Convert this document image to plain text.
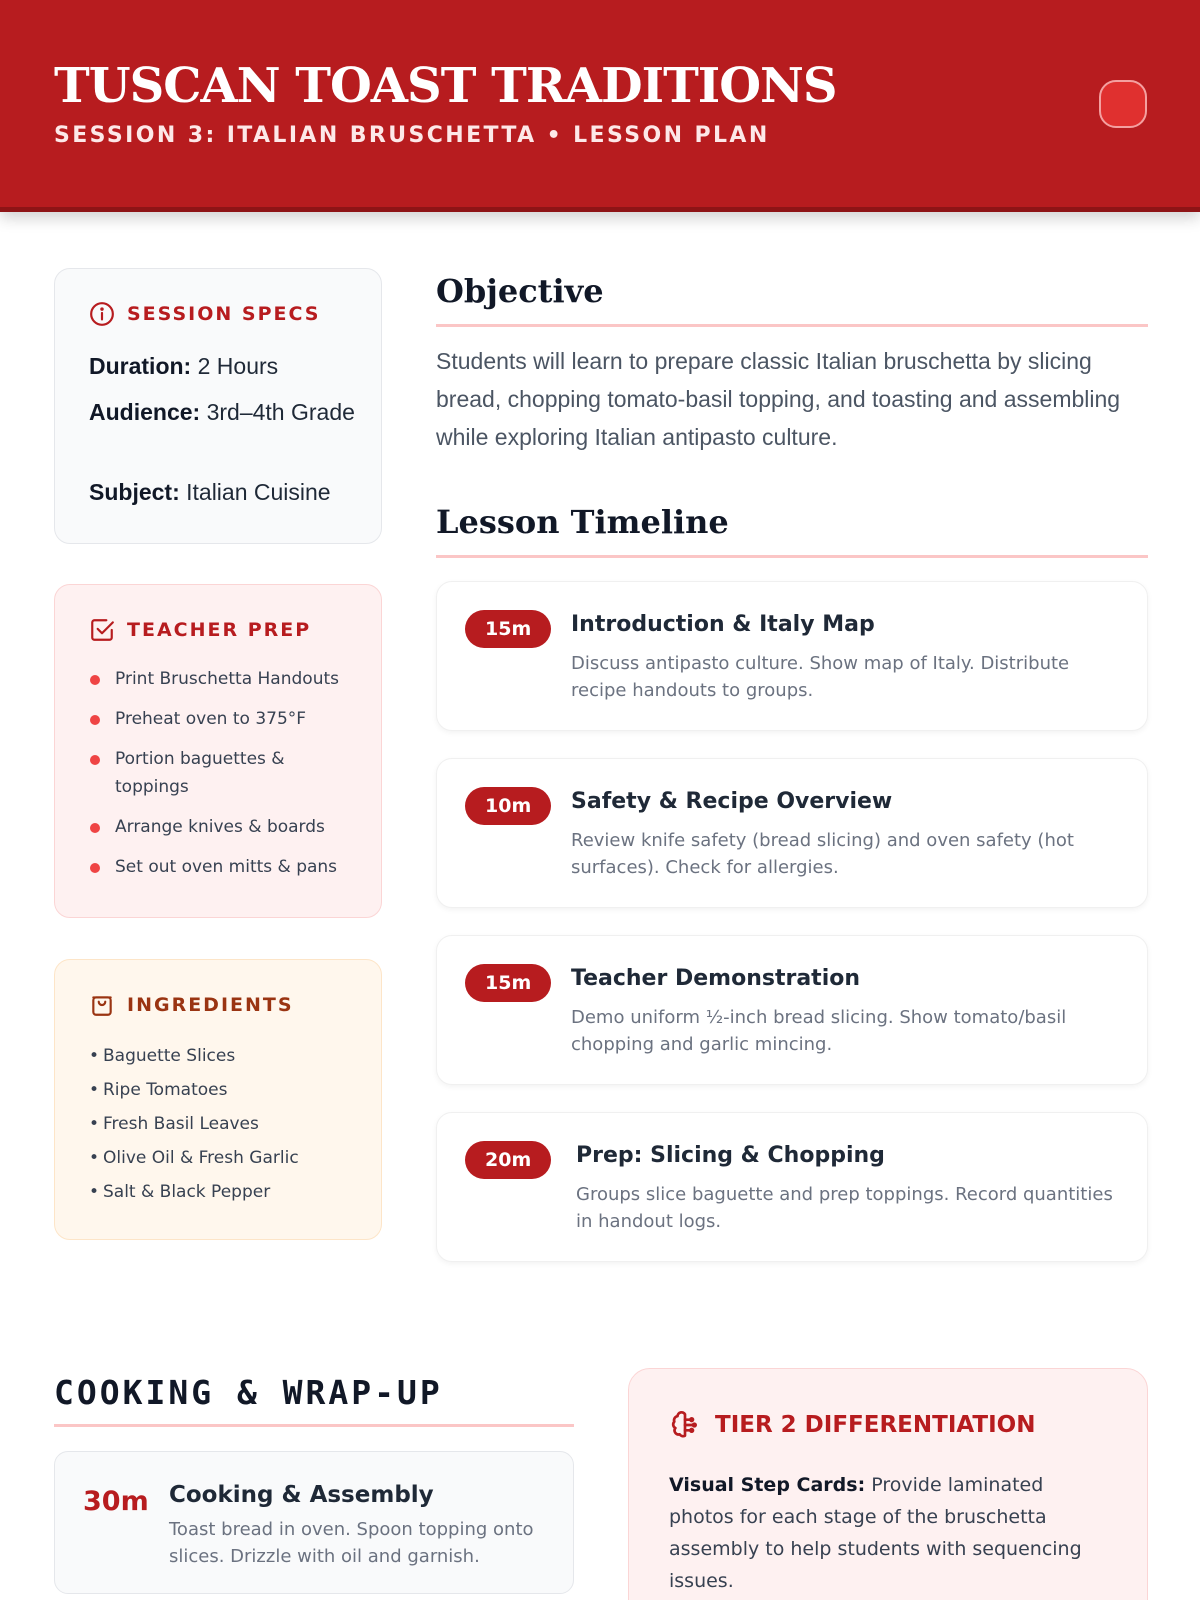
TUSCAN TOAST TRADITIONS
SESSION 3: ITALIAN BRUSCHETTA • LESSON PLAN
SESSION SPECS
Duration: 2 Hours
Audience: 3rd–4th Grade
Subject: Italian Cuisine
TEACHER PREP
Print Bruschetta Handouts
Preheat oven to 375°F
Portion baguettes & toppings
Arrange knives & boards
Set out oven mitts & pans
INGREDIENTS
• Baguette Slices
• Ripe Tomatoes
• Fresh Basil Leaves
• Olive Oil & Fresh Garlic
• Salt & Black Pepper
Objective
Students will learn to prepare classic Italian bruschetta by slicing bread, chopping tomato-basil topping, and toasting and assembling while exploring Italian antipasto culture.
Lesson Timeline
15m	Introduction & Italy Map
Discuss antipasto culture. Show map of Italy. Distribute recipe handouts to groups.
10m	Safety & Recipe Overview
Review knife safety (bread slicing) and oven safety (hot surfaces). Check for allergies.
15m	Teacher Demonstration
Demo uniform ½-inch bread slicing. Show tomato/basil chopping and garlic mincing.
20m	Prep: Slicing & Chopping
Groups slice baguette and prep toppings. Record quantities in handout logs.
COOKING & WRAP-UP
30m Cooking & Assembly
Toast bread in oven. Spoon topping onto slices. Drizzle with oil and garnish.
TIER 2 DIFFERENTIATION
Visual Step Cards: Provide laminated photos for each stage of the bruschetta assembly to help students with sequencing issues.
